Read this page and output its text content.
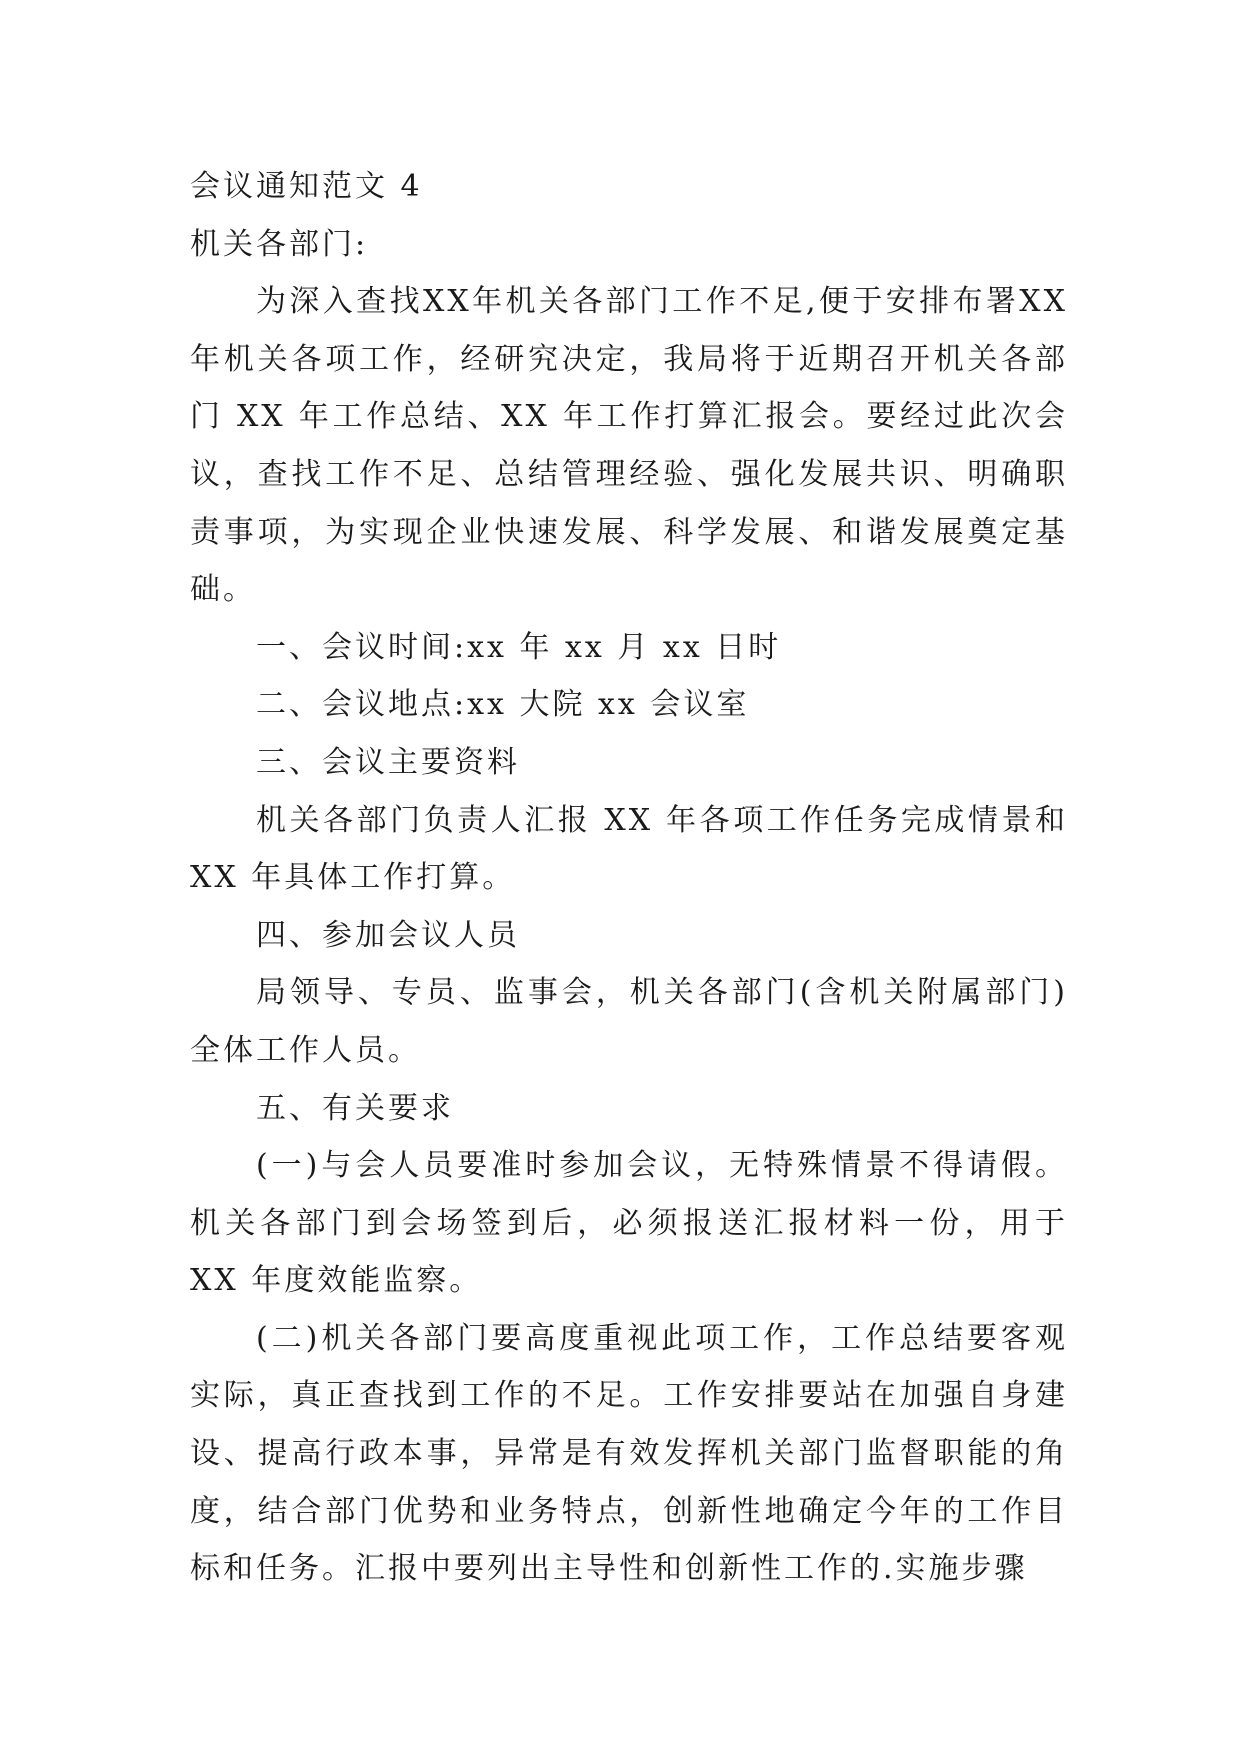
会议通知范文 4

机关各部门:

为深入查找XX年机关各部门工作不足,便于安排布署XX年机关各项工作，经研究决定，我局将于近期召开机关各部门 XX 年工作总结、XX 年工作打算汇报会。要经过此次会议，查找工作不足、总结管理经验、强化发展共识、明确职责事项，为实现企业快速发展、科学发展、和谐发展奠定基础。

一、会议时间:xx 年 xx 月 xx 日时

二、会议地点:xx 大院 xx 会议室

三、会议主要资料

机关各部门负责人汇报 XX 年各项工作任务完成情景和 XX 年具体工作打算。

四、参加会议人员

局领导、专员、监事会，机关各部门(含机关附属部门)全体工作人员。

五、有关要求

(一)与会人员要准时参加会议，无特殊情景不得请假。机关各部门到会场签到后，必须报送汇报材料一份，用于 XX 年度效能监察。

(二)机关各部门要高度重视此项工作，工作总结要客观实际，真正查找到工作的不足。工作安排要站在加强自身建设、提高行政本事，异常是有效发挥机关部门监督职能的角度，结合部门优势和业务特点，创新性地确定今年的工作目标和任务。汇报中要列出主导性和创新性工作的.实施步骤
